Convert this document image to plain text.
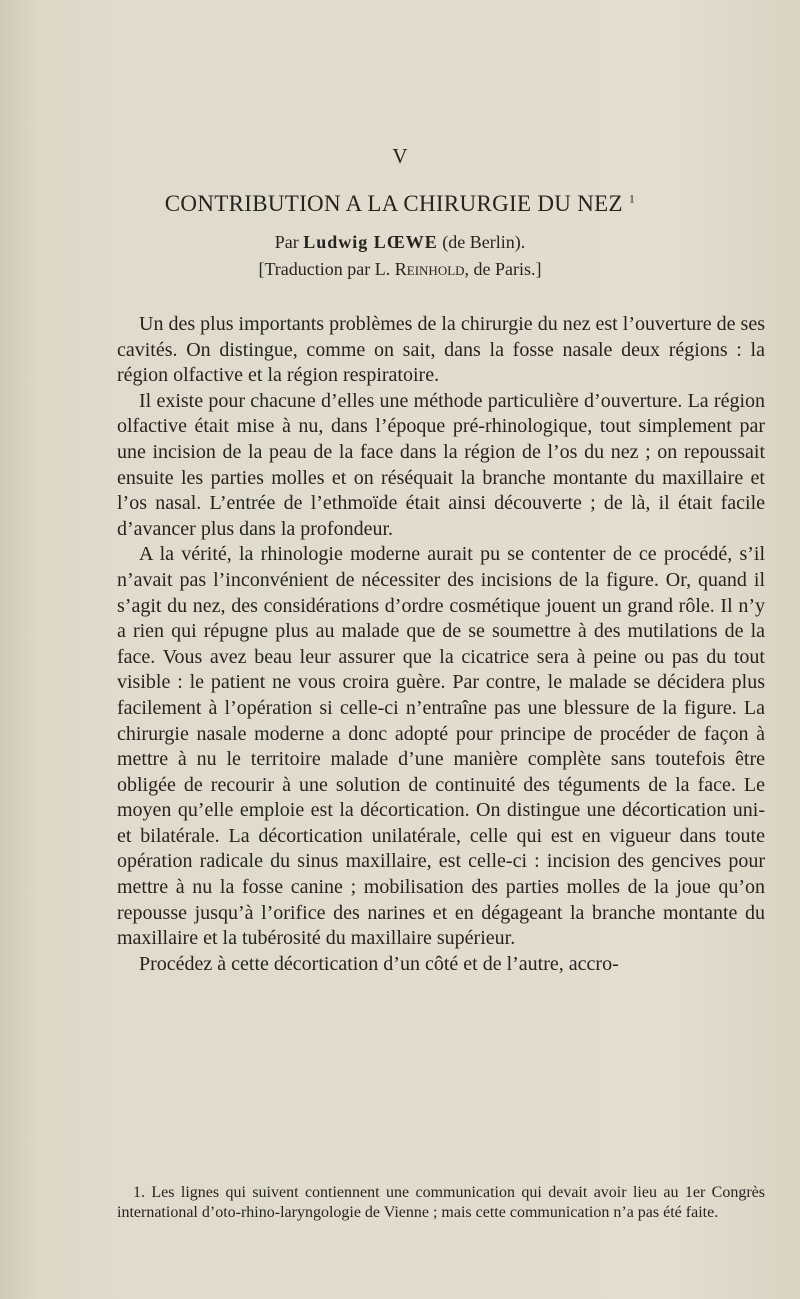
V
CONTRIBUTION A LA CHIRURGIE DU NEZ $^1$
Par Ludwig LŒWE (de Berlin).
[Traduction par L. Reinhold, de Paris.]

Un des plus importants problèmes de la chirurgie du nez est l’ouverture de ses cavités. On distingue, comme on sait, dans la fosse nasale deux régions : la région olfactive et la région respiratoire.

Il existe pour chacune d’elles une méthode particulière d’ouverture. La région olfactive était mise à nu, dans l’époque pré-rhinologique, tout simplement par une incision de la peau de la face dans la région de l’os du nez ; on repoussait ensuite les parties molles et on réséquait la branche montante du maxillaire et l’os nasal. L’entrée de l’ethmoïde était ainsi découverte ; de là, il était facile d’avancer plus dans la profondeur.

A la vérité, la rhinologie moderne aurait pu se contenter de ce procédé, s’il n’avait pas l’inconvénient de nécessiter des incisions de la figure. Or, quand il s’agit du nez, des considérations d’ordre cosmétique jouent un grand rôle. Il n’y a rien qui répugne plus au malade que de se soumettre à des mutilations de la face. Vous avez beau leur assurer que la cicatrice sera à peine ou pas du tout visible : le patient ne vous croira guère. Par contre, le malade se décidera plus facilement à l’opération si celle-ci n’entraîne pas une blessure de la figure. La chirurgie nasale moderne a donc adopté pour principe de procéder de façon à mettre à nu le territoire malade d’une manière complète sans toutefois être obligée de recourir à une solution de continuité des téguments de la face. Le moyen qu’elle emploie est la décortication. On distingue une décortication uni- et bilatérale. La décortication unilatérale, celle qui est en vigueur dans toute opération radicale du sinus maxillaire, est celle-ci : incision des gencives pour mettre à nu la fosse canine ; mobilisation des parties molles de la joue qu’on repousse jusqu’à l’orifice des narines et en dégageant la branche montante du maxillaire et la tubérosité du maxillaire supérieur.

Procédez à cette décortication d’un côté et de l’autre, accro-

1. Les lignes qui suivent contiennent une communication qui devait avoir lieu au 1er Congrès international d’oto-rhino-laryngologie de Vienne ; mais cette communication n’a pas été faite.
